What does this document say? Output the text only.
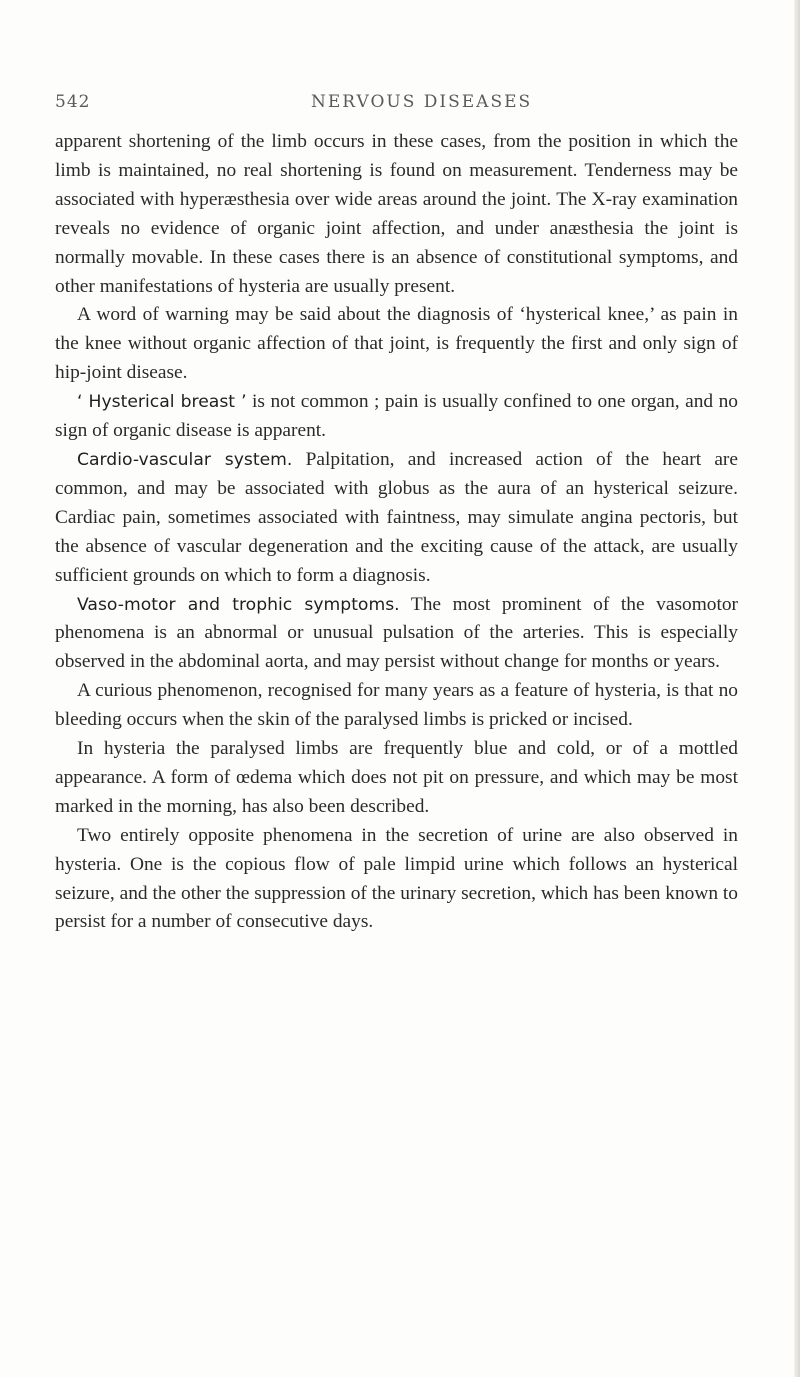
542	NERVOUS DISEASES

apparent shortening of the limb occurs in these cases, from the position in which the limb is maintained, no real shortening is found on measurement. Tenderness may be associated with hyperæsthesia over wide areas around the joint. The X-ray examination reveals no evidence of organic joint affection, and under anæsthesia the joint is normally movable. In these cases there is an absence of constitutional symptoms, and other manifestations of hysteria are usually present.

A word of warning may be said about the diagnosis of ‘hysterical knee,’ as pain in the knee without organic affection of that joint, is frequently the first and only sign of hip-joint disease.

‘ Hysterical breast ’ is not common ; pain is usually confined to one organ, and no sign of organic disease is apparent.

Cardio-vascular system. Palpitation, and increased action of the heart are common, and may be associated with globus as the aura of an hysterical seizure. Cardiac pain, sometimes associated with faintness, may simulate angina pectoris, but the absence of vascular degeneration and the exciting cause of the attack, are usually sufficient grounds on which to form a diagnosis.

Vaso-motor and trophic symptoms. The most prominent of the vasomotor phenomena is an abnormal or unusual pulsation of the arteries. This is especially observed in the abdominal aorta, and may persist without change for months or years.

A curious phenomenon, recognised for many years as a feature of hysteria, is that no bleeding occurs when the skin of the paralysed limbs is pricked or incised.

In hysteria the paralysed limbs are frequently blue and cold, or of a mottled appearance. A form of œdema which does not pit on pressure, and which may be most marked in the morning, has also been described.

Two entirely opposite phenomena in the secretion of urine are also observed in hysteria. One is the copious flow of pale limpid urine which follows an hysterical seizure, and the other the suppression of the urinary secretion, which has been known to persist for a number of consecutive days.
